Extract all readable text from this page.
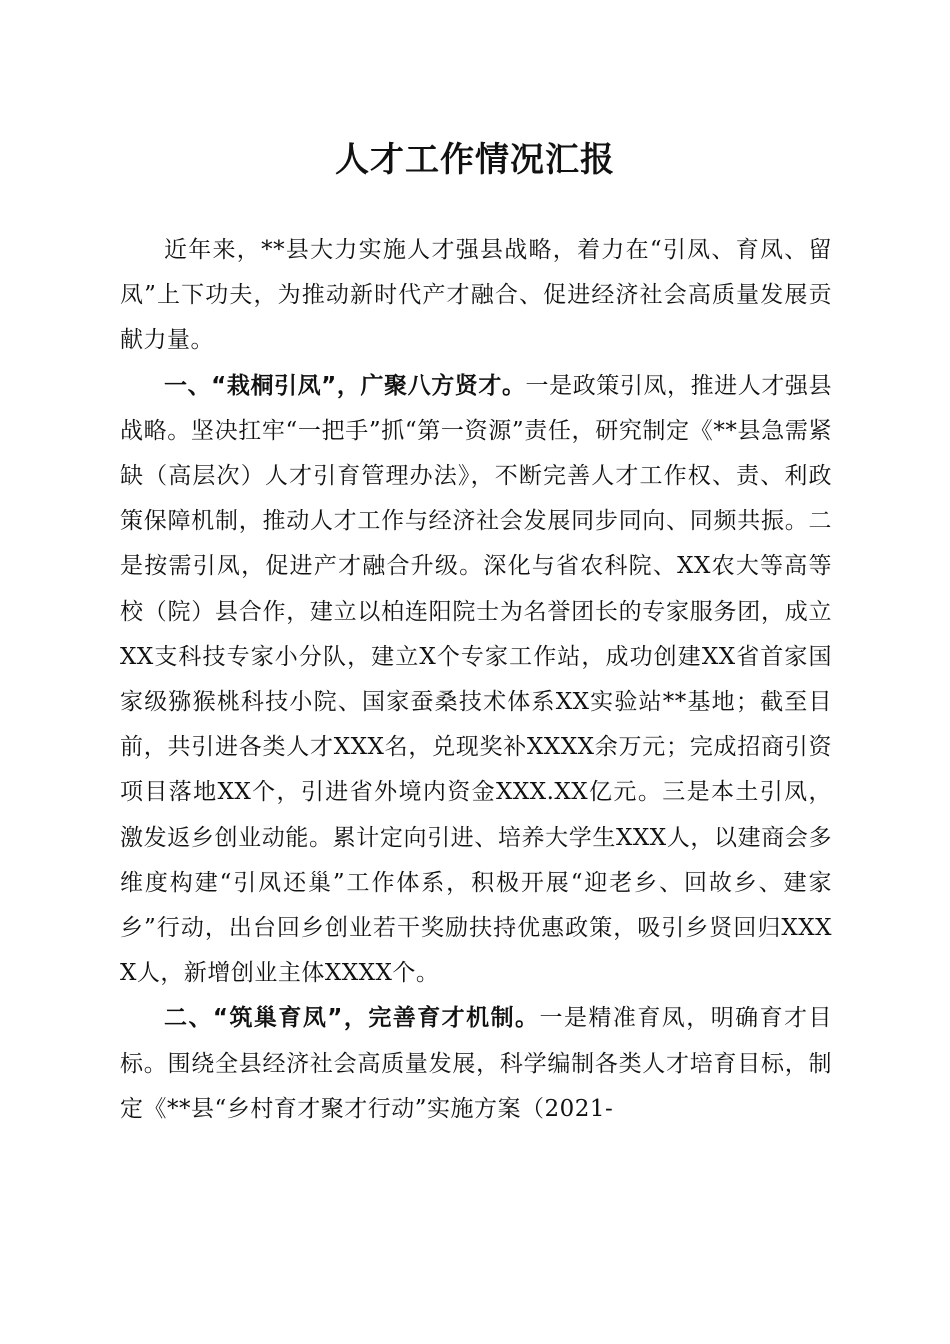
人才工作情况汇报

近年来，**县大力实施人才强县战略，着力在“引凤、育凤、留凤”上下功夫，为推动新时代产才融合、促进经济社会高质量发展贡献力量。

一、“栽桐引凤”，广聚八方贤才。一是政策引凤，推进人才强县战略。坚决扛牢“一把手”抓“第一资源”责任，研究制定《**县急需紧缺（高层次）人才引育管理办法》，不断完善人才工作权、责、利政策保障机制，推动人才工作与经济社会发展同步同向、同频共振。二是按需引凤，促进产才融合升级。深化与省农科院、XX农大等高等校（院）县合作，建立以柏连阳院士为名誉团长的专家服务团，成立XX支科技专家小分队，建立X个专家工作站，成功创建XX省首家国家级猕猴桃科技小院、国家蚕桑技术体系XX实验站**基地；截至目前，共引进各类人才XXX名，兑现奖补XXXX余万元；完成招商引资项目落地XX个，引进省外境内资金XXX.XX亿元。三是本土引凤，激发返乡创业动能。累计定向引进、培养大学生XXX人，以建商会多维度构建“引凤还巢”工作体系，积极开展“迎老乡、回故乡、建家乡”行动，出台回乡创业若干奖励扶持优惠政策，吸引乡贤回归XXXX人，新增创业主体XXXX个。

二、“筑巢育凤”，完善育才机制。一是精准育凤，明确育才目标。围绕全县经济社会高质量发展，科学编制各类人才培育目标，制定《**县“乡村育才聚才行动”实施方案（2021-
